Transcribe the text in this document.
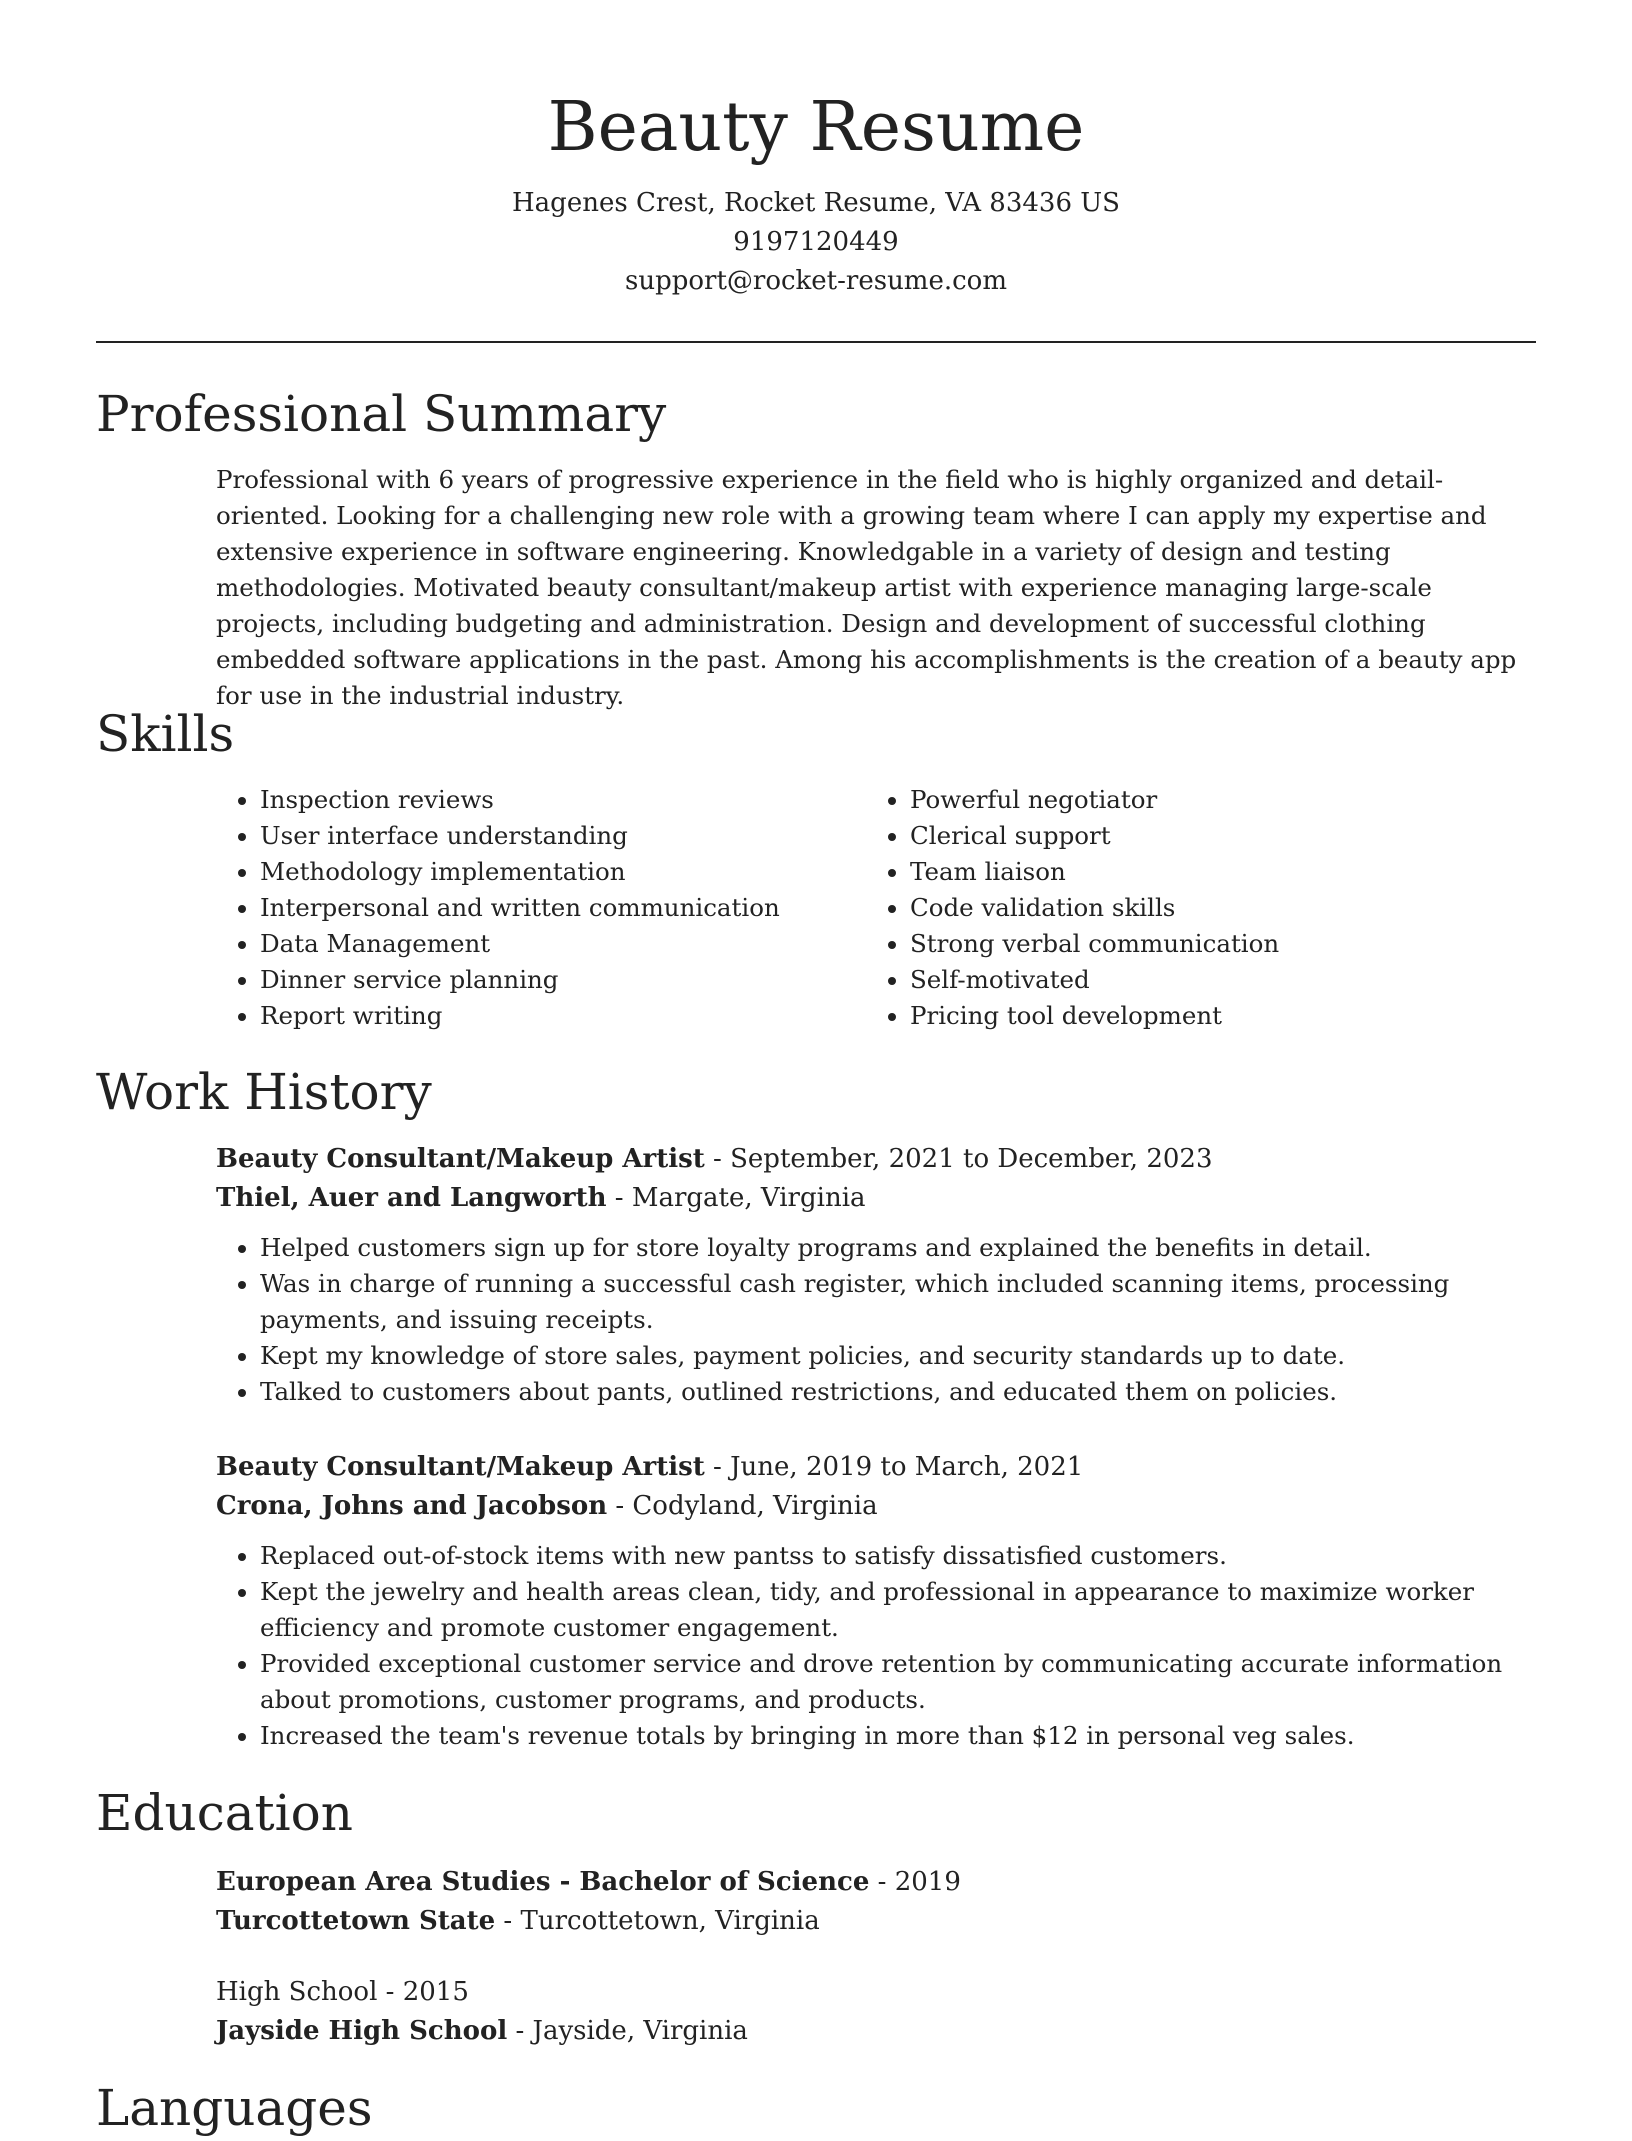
Beauty Resume
Hagenes Crest, Rocket Resume, VA 83436 US
9197120449
support@rocket-resume.com
Professional Summary

Professional with 6 years of progressive experience in the field who is highly organized and detail-oriented. Looking for a challenging new role with a growing team where I can apply my expertise and extensive experience in software engineering. Knowledgable in a variety of design and testing methodologies. Motivated beauty consultant/makeup artist with experience managing large-scale projects, including budgeting and administration. Design and development of successful clothing embedded software applications in the past. Among his accomplishments is the creation of a beauty app for use in the industrial industry.

Skills
• Inspection reviews
• User interface understanding
• Methodology implementation
• Interpersonal and written communication
• Data Management
• Dinner service planning
• Report writing
• Powerful negotiator
• Clerical support
• Team liaison
• Code validation skills
• Strong verbal communication
• Self-motivated
• Pricing tool development
Work History

Beauty Consultant/Makeup Artist - September, 2021 to December, 2023

Thiel, Auer and Langworth - Margate, Virginia

• Helped customers sign up for store loyalty programs and explained the benefits in detail.
• Was in charge of running a successful cash register, which included scanning items, processing payments, and issuing receipts.
• Kept my knowledge of store sales, payment policies, and security standards up to date.
• Talked to customers about pants, outlined restrictions, and educated them on policies.

Beauty Consultant/Makeup Artist - June, 2019 to March, 2021

Crona, Johns and Jacobson - Codyland, Virginia

• Replaced out-of-stock items with new pantss to satisfy dissatisfied customers.
• Kept the jewelry and health areas clean, tidy, and professional in appearance to maximize worker efficiency and promote customer engagement.
• Provided exceptional customer service and drove retention by communicating accurate information about promotions, customer programs, and products.
• Increased the team's revenue totals by bringing in more than $12 in personal veg sales.
Education

European Area Studies - Bachelor of Science - 2019

Turcottetown State - Turcottetown, Virginia

High School - 2015

Jayside High School - Jayside, Virginia

Languages
